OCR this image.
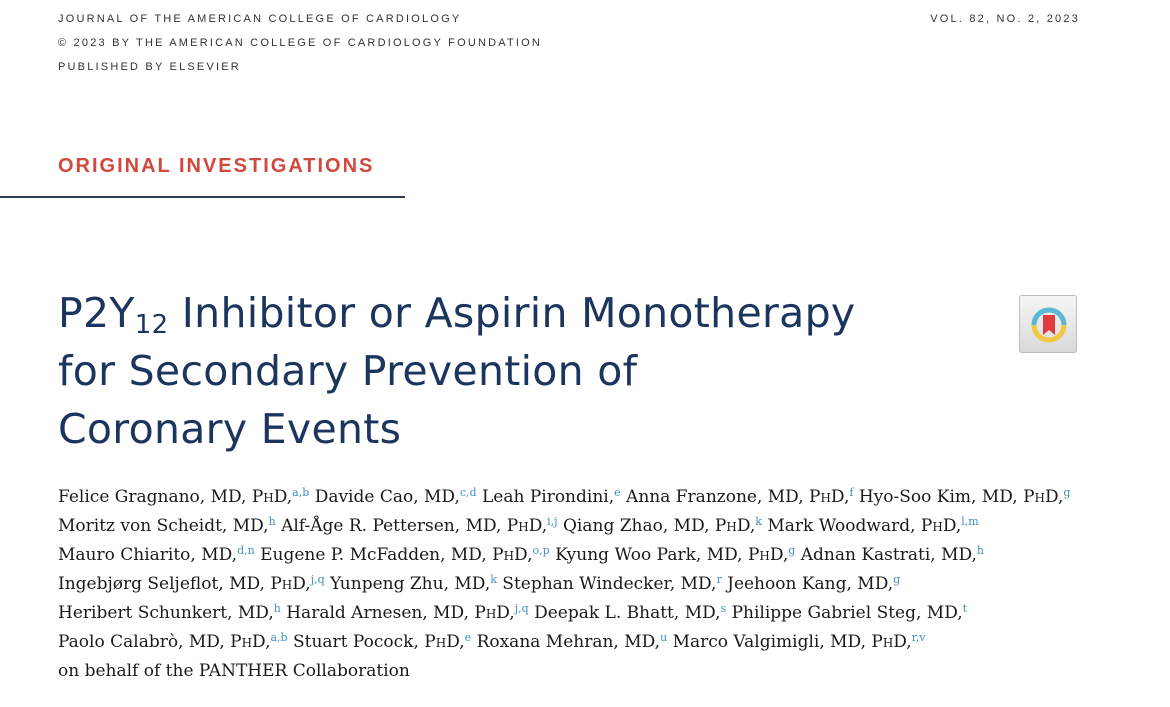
JOURNAL OF THE AMERICAN COLLEGE OF CARDIOLOGY
© 2023 BY THE AMERICAN COLLEGE OF CARDIOLOGY FOUNDATION
PUBLISHED BY ELSEVIER
VOL. 82, NO. 2, 2023
ORIGINAL INVESTIGATIONS
$P2Y_{12}$ Inhibitor or Aspirin Monotherapy
for Secondary Prevention of
Coronary Events
Felice Gragnano, MD, PhD,$^{a,b}$ Davide Cao, MD,$^{c,d}$ Leah Pirondini,$^e$ Anna Franzone, MD, PhD,$^f$ Hyo-Soo Kim, MD, PhD,$^g$
Moritz von Scheidt, MD,$^h$ Alf-Åge R. Pettersen, MD, PhD,$^{i,j}$ Qiang Zhao, MD, PhD,$^k$ Mark Woodward, PhD,$^{l,m}$
Mauro Chiarito, MD,$^{d,n}$ Eugene P. McFadden, MD, PhD,$^{o,p}$ Kyung Woo Park, MD, PhD,$^g$ Adnan Kastrati, MD,$^h$
Ingebjørg Seljeflot, MD, PhD,$^{j,q}$ Yunpeng Zhu, MD,$^k$ Stephan Windecker, MD,$^r$ Jeehoon Kang, MD,$^g$
Heribert Schunkert, MD,$^h$ Harald Arnesen, MD, PhD,$^{j,q}$ Deepak L. Bhatt, MD,$^s$ Philippe Gabriel Steg, MD,$^t$
Paolo Calabrò, MD, PhD,$^{a,b}$ Stuart Pocock, PhD,$^e$ Roxana Mehran, MD,$^u$ Marco Valgimigli, MD, PhD,$^{r,v}$
on behalf of the PANTHER Collaboration
